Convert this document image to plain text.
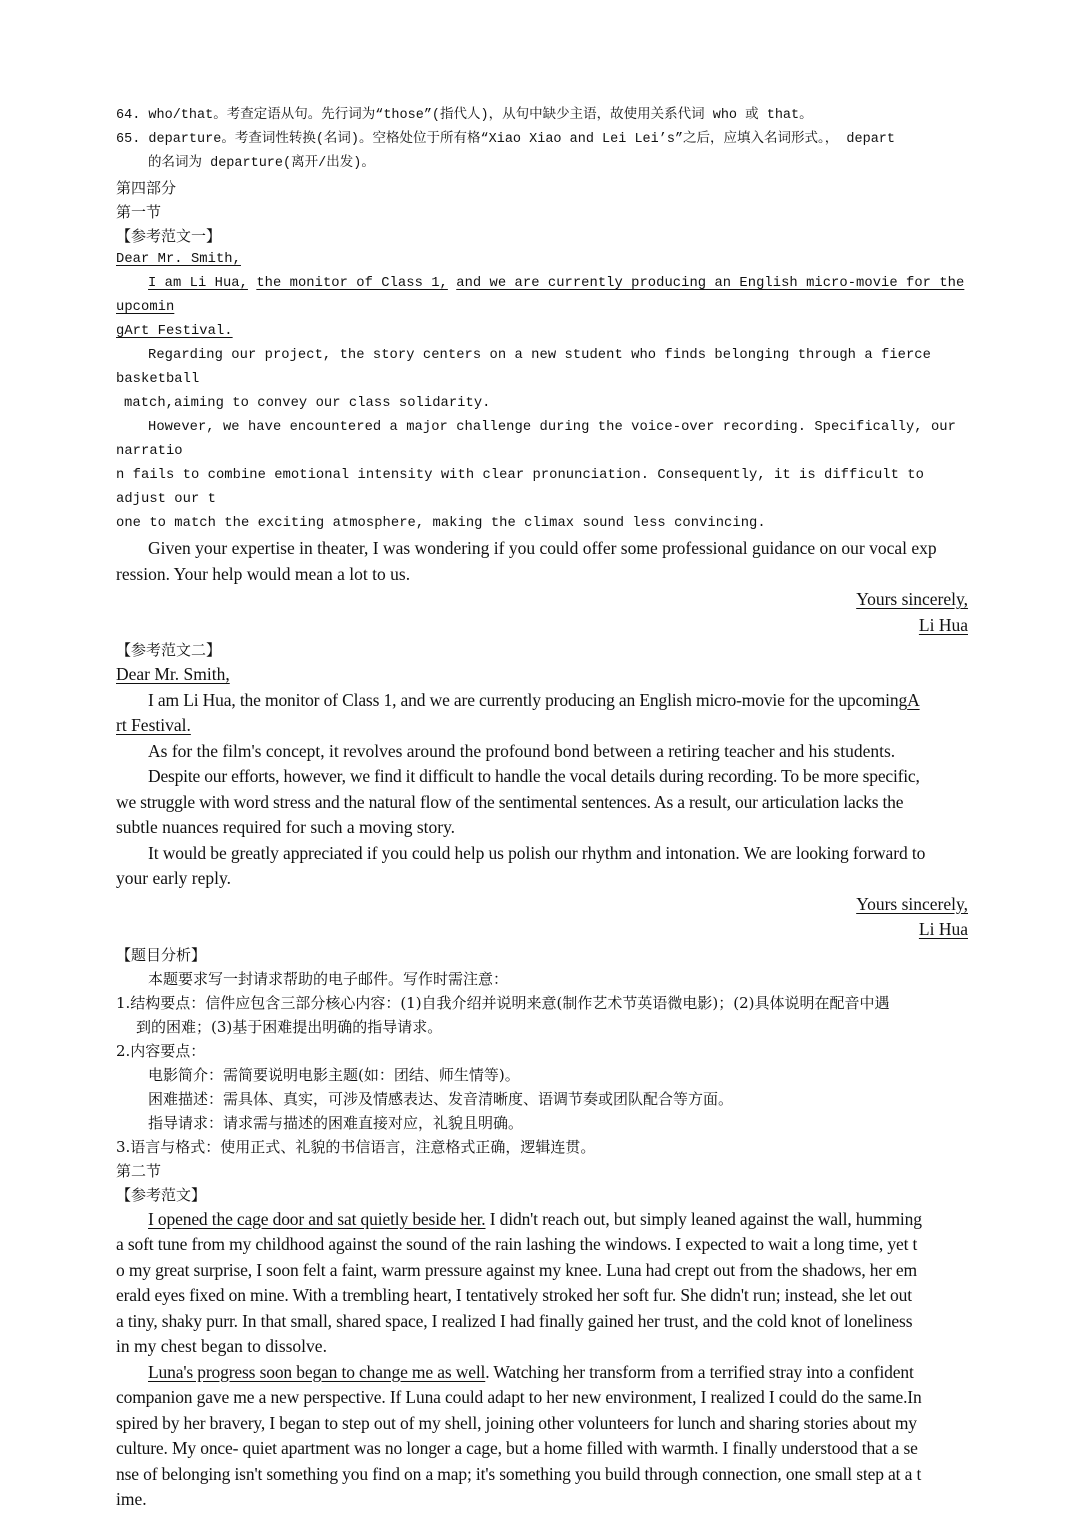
64. who/that。考查定语从句。先行词为“those”(指代人)，从句中缺少主语，故使用关系代词 who 或 that。

65. departure。考查词性转换(名词)。空格处位于所有格“Xiao Xiao and Lei Lei’s”之后，应填入名词形式。， depart

的名词为 departure(离开/出发)。

第四部分

第一节

【参考范文一】

Dear Mr. Smith,

I am Li Hua, the monitor of Class 1, and we are currently producing an English micro-movie for the upcomin

gArt Festival.

Regarding our project, the story centers on a new student who finds belonging through a fierce basketball

match,aiming to convey our class solidarity.

However, we have encountered a major challenge during the voice-over recording. Specifically, our narratio

n fails to combine emotional intensity with clear pronunciation. Consequently, it is difficult to adjust our t

one to match the exciting atmosphere, making the climax sound less convincing.

Given your expertise in theater, I was wondering if you could offer some professional guidance on our vocal exp

ression. Your help would mean a lot to us.

Yours sincerely,

Li Hua

【参考范文二】

Dear Mr. Smith,

I am Li Hua, the monitor of Class 1, and we are currently producing an English micro-movie for the upcomingA

rt Festival.

As for the film's concept, it revolves around the profound bond between a retiring teacher and his students.

Despite our efforts, however, we find it difficult to handle the vocal details during recording. To be more specific,

we struggle with word stress and the natural flow of the sentimental sentences. As a result, our articulation lacks the

subtle nuances required for such a moving story.

It would be greatly appreciated if you could help us polish our rhythm and intonation. We are looking forward to

your early reply.

Yours sincerely,

Li Hua

【题目分析】

本题要求写一封请求帮助的电子邮件。写作时需注意：

1.结构要点：信件应包含三部分核心内容：(1)自我介绍并说明来意(制作艺术节英语微电影)；(2)具体说明在配音中遇

到的困难；(3)基于困难提出明确的指导请求。

2.内容要点：

电影简介：需简要说明电影主题(如：团结、师生情等)。

困难描述：需具体、真实，可涉及情感表达、发音清晰度、语调节奏或团队配合等方面。

指导请求：请求需与描述的困难直接对应，礼貌且明确。

3.语言与格式：使用正式、礼貌的书信语言，注意格式正确，逻辑连贯。

第二节

【参考范文】

I opened the cage door and sat quietly beside her. I didn't reach out, but simply leaned against the wall, humming

a soft tune from my childhood against the sound of the rain lashing the windows. I expected to wait a long time, yet t

o my great surprise, I soon felt a faint, warm pressure against my knee. Luna had crept out from the shadows, her em

erald eyes fixed on mine. With a trembling heart, I tentatively stroked her soft fur. She didn't run; instead, she let out

a tiny, shaky purr. In that small, shared space, I realized I had finally gained her trust, and the cold knot of loneliness

in my chest began to dissolve.

Luna's progress soon began to change me as well. Watching her transform from a terrified stray into a confident

companion gave me a new perspective. If Luna could adapt to her new environment, I realized I could do the same.In

spired by her bravery, I began to step out of my shell, joining other volunteers for lunch and sharing stories about my

culture. My once- quiet apartment was no longer a cage, but a home filled with warmth. I finally understood that a se

nse of belonging isn't something you find on a map; it's something you build through connection, one small step at a t

ime.
